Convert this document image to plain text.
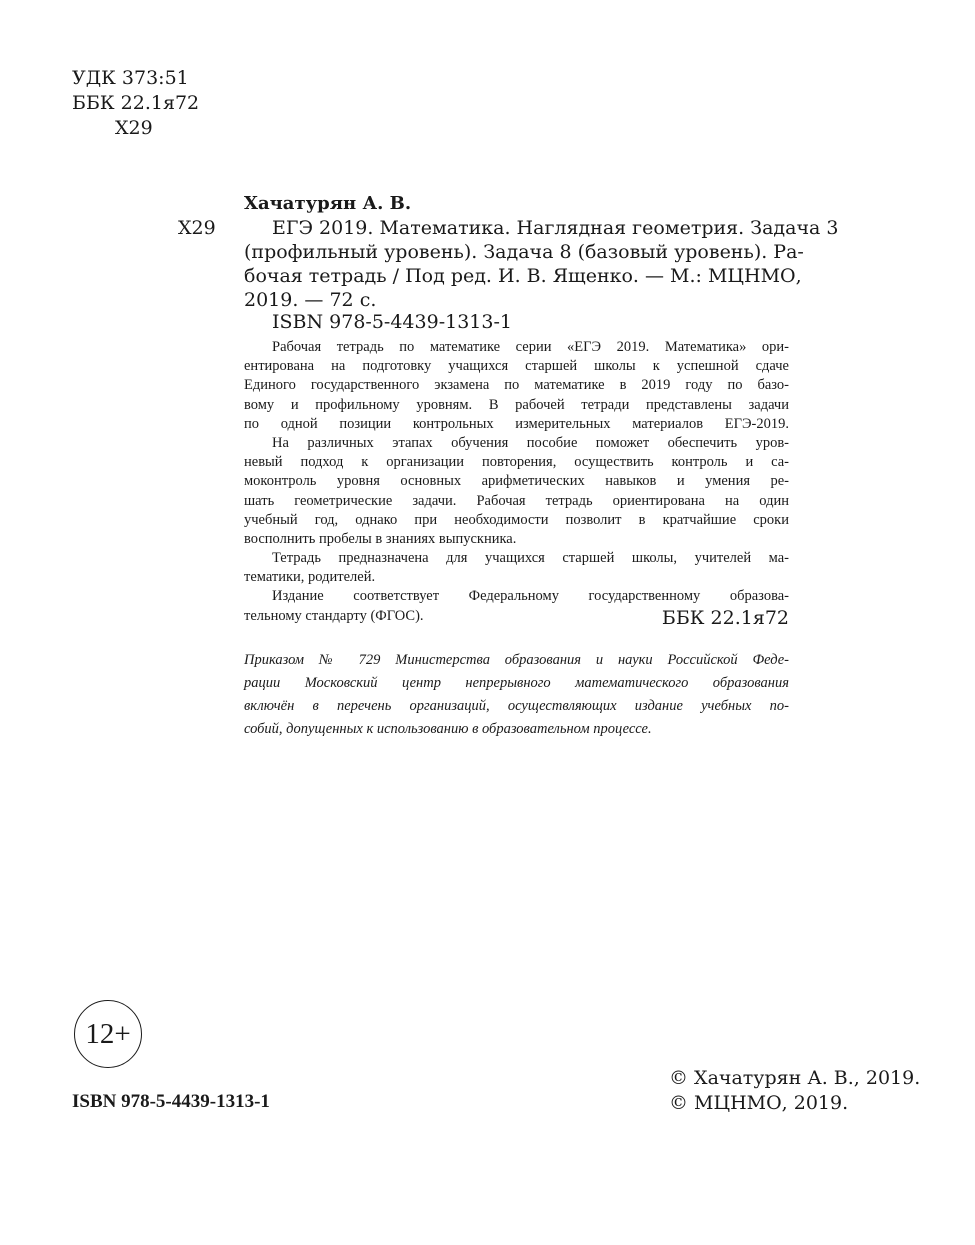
УДК 373:51
ББК 22.1я72
Х29
Хачатурян А. В.
Х29	ЕГЭ 2019. Математика. Наглядная геометрия. Задача 3
(профильный уровень). Задача 8 (базовый уровень). Ра-
бочая тетрадь / Под ред. И. В. Ященко. — М.: МЦНМО,
2019. — 72 с.
ISBN 978-5-4439-1313-1
Рабочая тетрадь по математике серии «ЕГЭ 2019. Математика» ори-
ентирована на подготовку учащихся старшей школы к успешной сдаче
Единого государственного экзамена по математике в 2019 году по базо-
вому и профильному уровням. В рабочей тетради представлены задачи
по одной позиции контрольных измерительных материалов ЕГЭ-2019.
На различных этапах обучения пособие поможет обеспечить уров-
невый подход к организации повторения, осуществить контроль и са-
моконтроль уровня основных арифметических навыков и умения ре-
шать геометрические задачи. Рабочая тетрадь ориентирована на один
учебный год, однако при необходимости позволит в кратчайшие сроки
восполнить пробелы в знаниях выпускника.
Тетрадь предназначена для учащихся старшей школы, учителей ма-
тематики, родителей.
Издание соответствует Федеральному государственному образова-
тельному стандарту (ФГОС).	ББК 22.1я72
Приказом № 729 Министерства образования и науки Российской Феде-
рации Московский центр непрерывного математического образования
включён в перечень организаций, осуществляющих издание учебных по-
собий, допущенных к использованию в образовательном процессе.
12+
ISBN 978-5-4439-1313-1
© Хачатурян А. В., 2019.
© МЦНМО, 2019.
